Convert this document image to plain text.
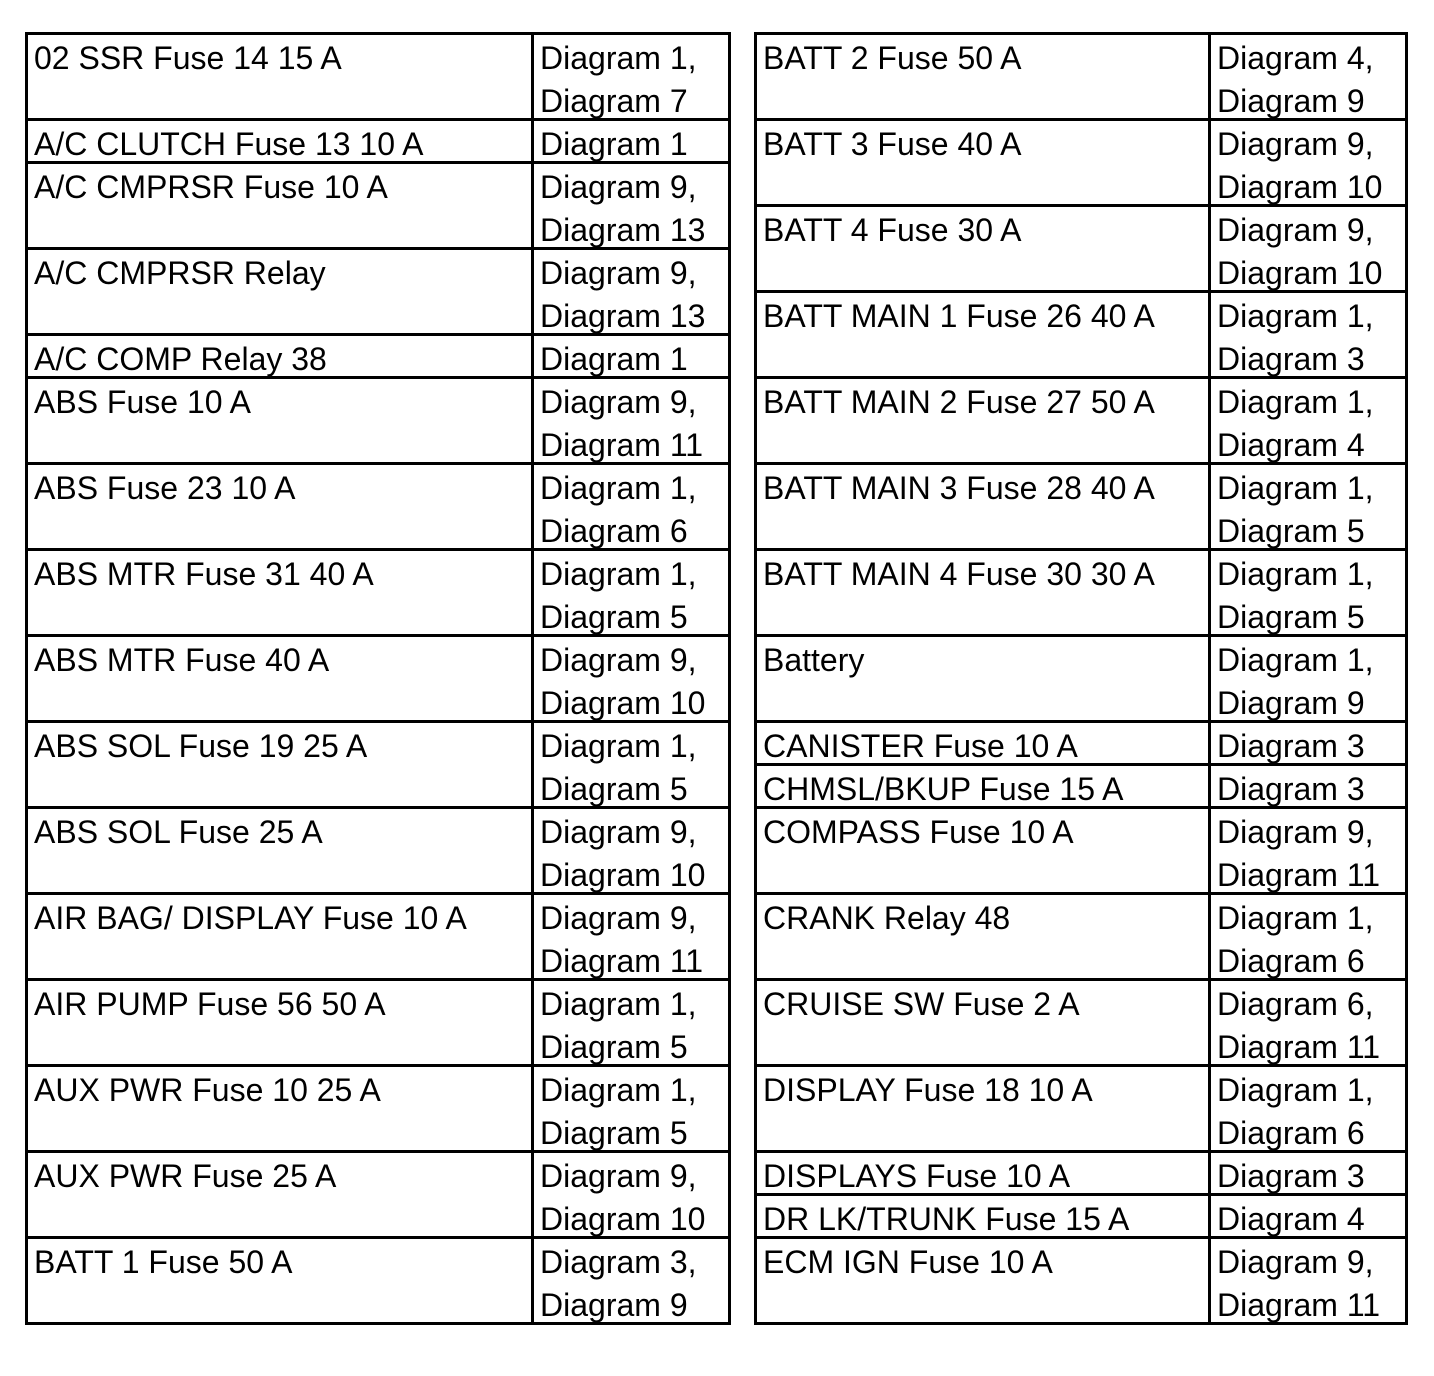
02 SSR Fuse 14 15 A	Diagram 1,
Diagram 7
A/C CLUTCH Fuse 13 10 A	Diagram 1
A/C CMPRSR Fuse 10 A	Diagram 9,
Diagram 13
A/C CMPRSR Relay	Diagram 9,
Diagram 13
A/C COMP Relay 38	Diagram 1
ABS Fuse 10 A	Diagram 9,
Diagram 11
ABS Fuse 23 10 A	Diagram 1,
Diagram 6
ABS MTR Fuse 31 40 A	Diagram 1,
Diagram 5
ABS MTR Fuse 40 A	Diagram 9,
Diagram 10
ABS SOL Fuse 19 25 A	Diagram 1,
Diagram 5
ABS SOL Fuse 25 A	Diagram 9,
Diagram 10
AIR BAG/ DISPLAY Fuse 10 A	Diagram 9,
Diagram 11
AIR PUMP Fuse 56 50 A	Diagram 1,
Diagram 5
AUX PWR Fuse 10 25 A	Diagram 1,
Diagram 5
AUX PWR Fuse 25 A	Diagram 9,
Diagram 10
BATT 1 Fuse 50 A	Diagram 3,
Diagram 9
BATT 2 Fuse 50 A	Diagram 4,
Diagram 9
BATT 3 Fuse 40 A	Diagram 9,
Diagram 10
BATT 4 Fuse 30 A	Diagram 9,
Diagram 10
BATT MAIN 1 Fuse 26 40 A	Diagram 1,
Diagram 3
BATT MAIN 2 Fuse 27 50 A	Diagram 1,
Diagram 4
BATT MAIN 3 Fuse 28 40 A	Diagram 1,
Diagram 5
BATT MAIN 4 Fuse 30 30 A	Diagram 1,
Diagram 5
Battery	Diagram 1,
Diagram 9
CANISTER Fuse 10 A	Diagram 3
CHMSL/BKUP Fuse 15 A	Diagram 3
COMPASS Fuse 10 A	Diagram 9,
Diagram 11
CRANK Relay 48	Diagram 1,
Diagram 6
CRUISE SW Fuse 2 A	Diagram 6,
Diagram 11
DISPLAY Fuse 18 10 A	Diagram 1,
Diagram 6
DISPLAYS Fuse 10 A	Diagram 3
DR LK/TRUNK Fuse 15 A	Diagram 4
ECM IGN Fuse 10 A	Diagram 9,
Diagram 11
